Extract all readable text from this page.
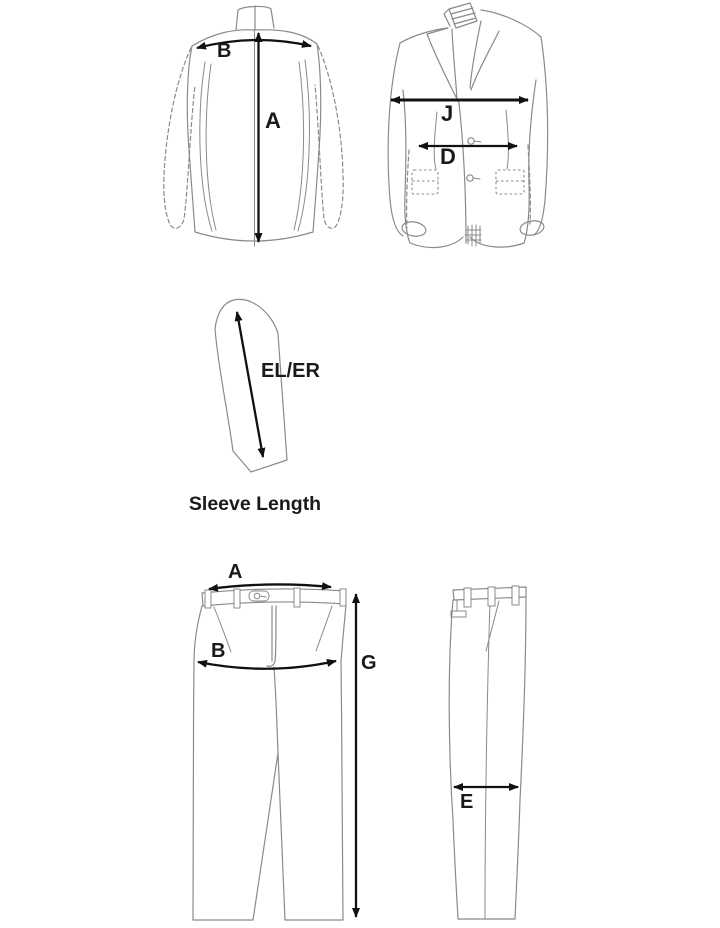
B
A	J
D
EL/ER
Sleeve Length
A
B
G
E
